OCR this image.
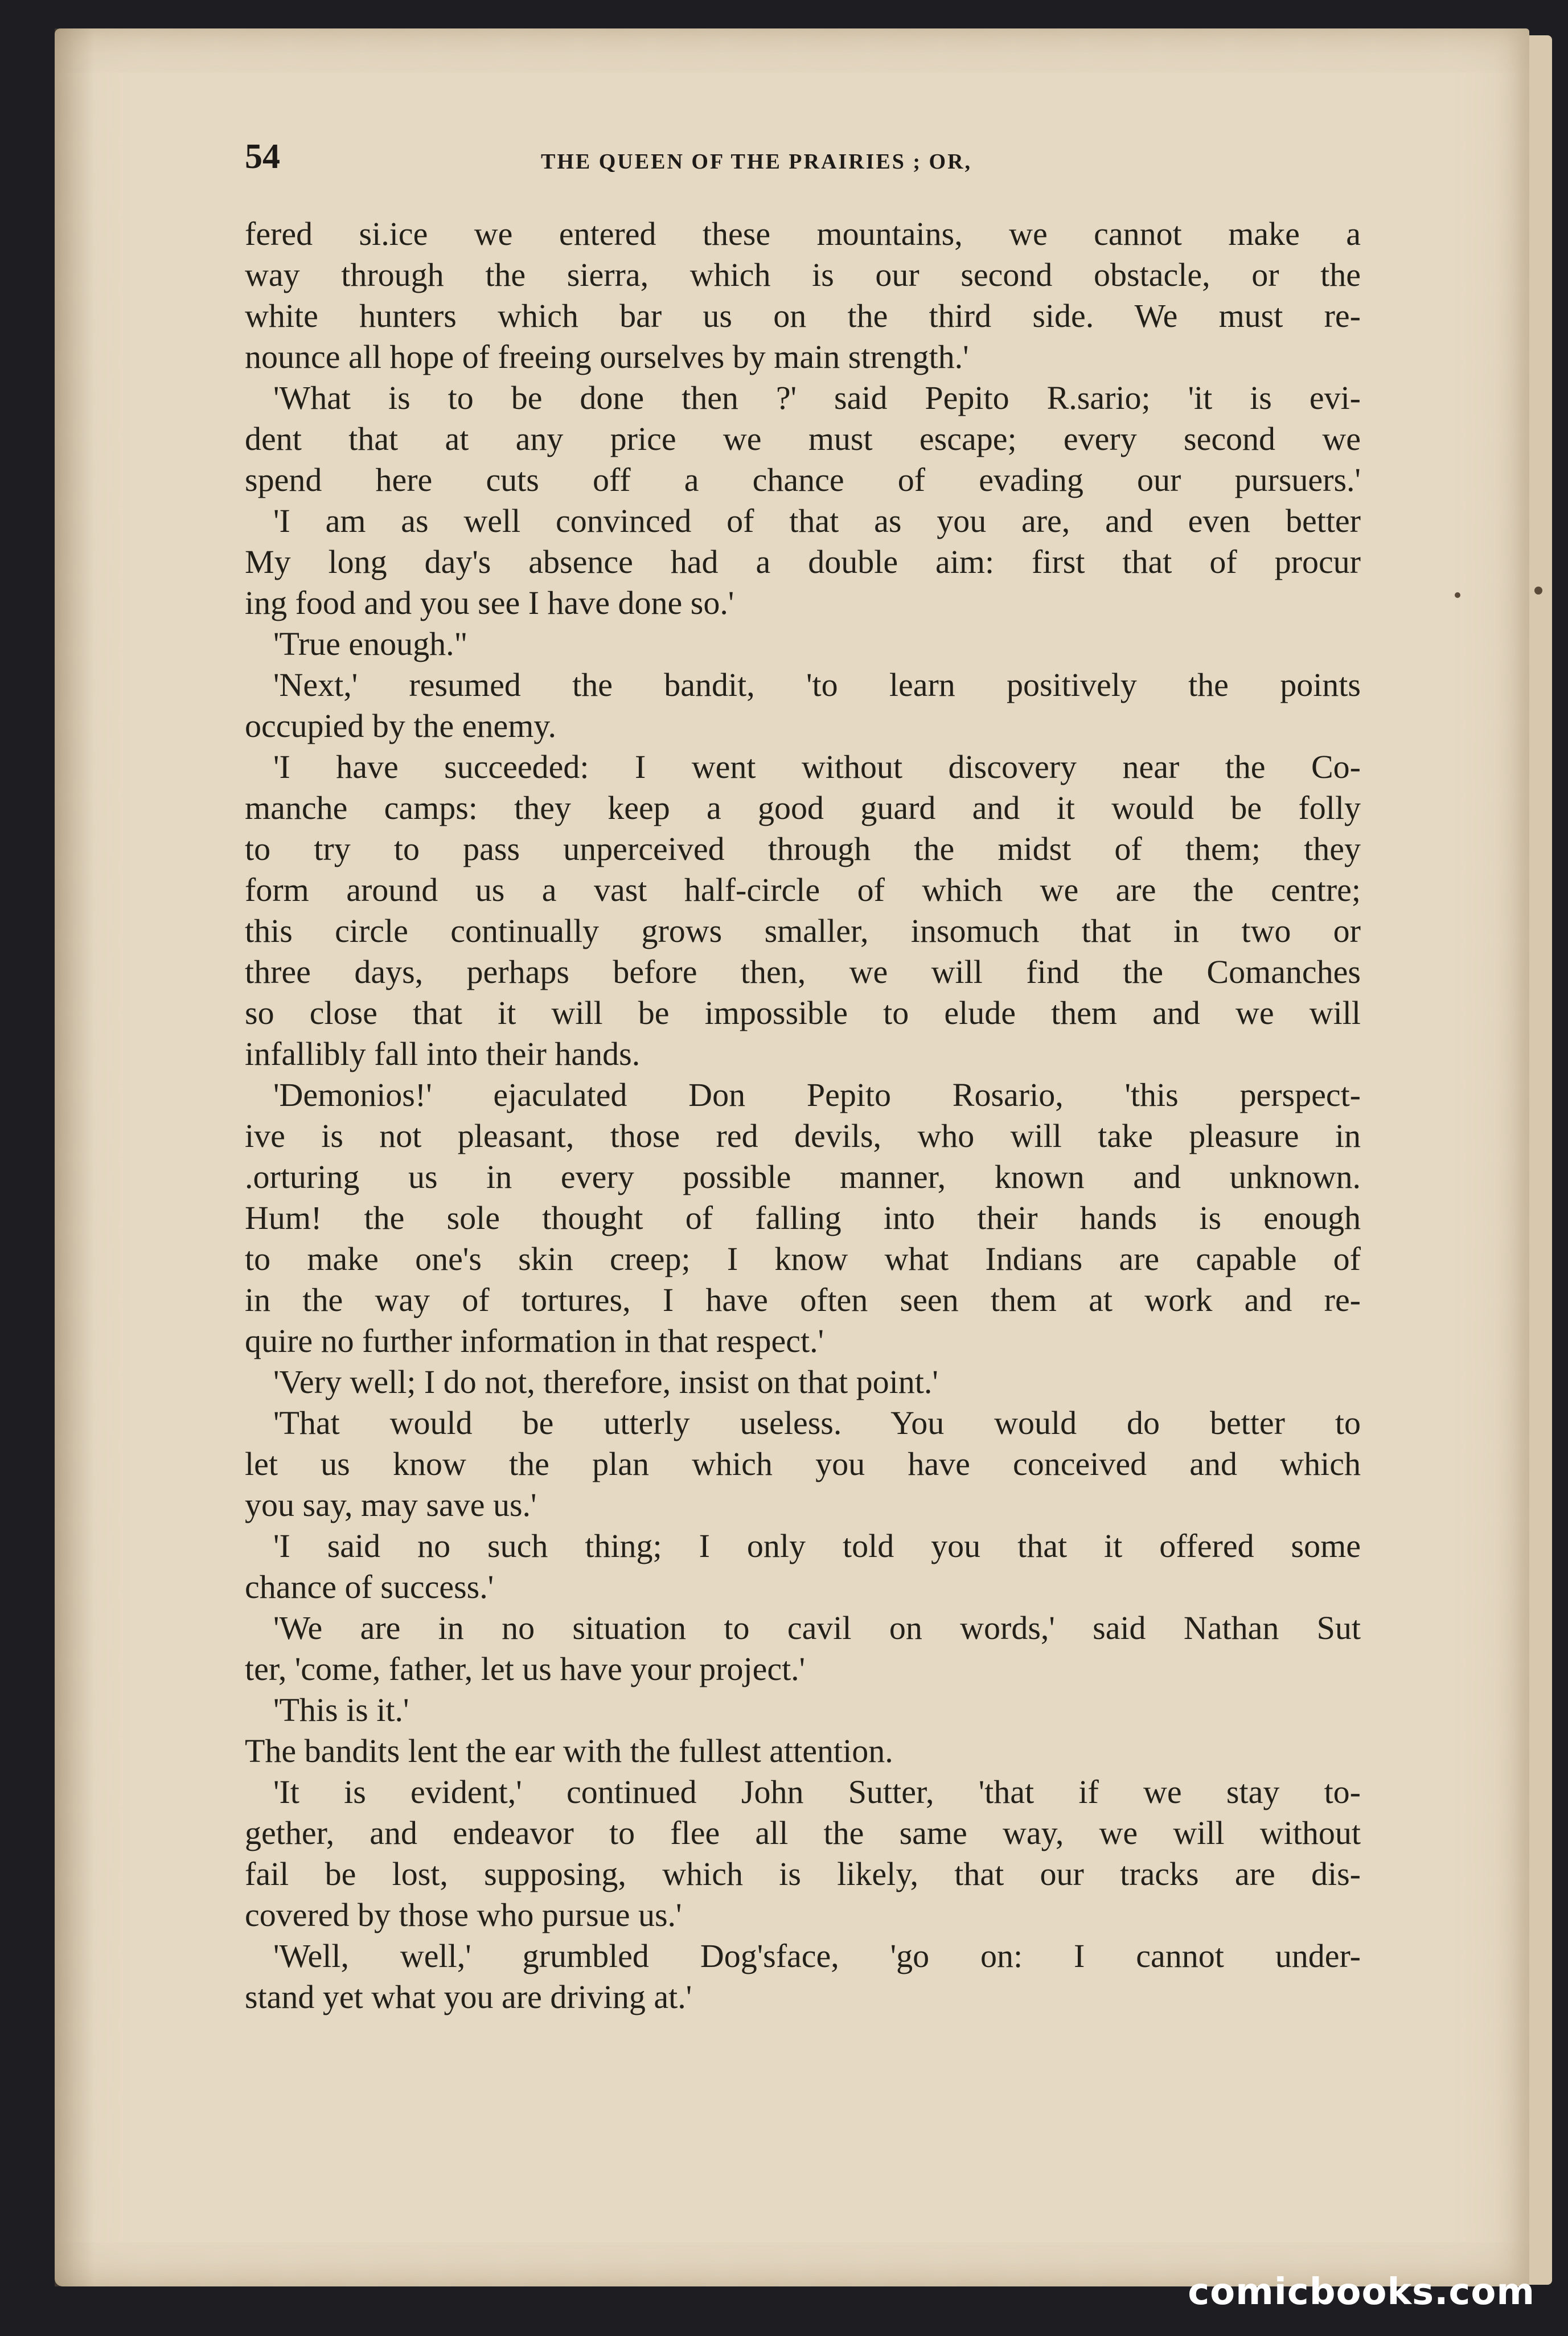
54	THE QUEEN OF THE PRAIRIES ; OR,
fered si.ice we entered these mountains, we cannot make a
way through the sierra, which is our second obstacle, or the
white hunters which bar us on the third side. We must re-
nounce all hope of freeing ourselves by main strength.'
'What is to be done then ?' said Pepito R.sario; 'it is evi-
dent that at any price we must escape; every second we
spend here cuts off a chance of evading our pursuers.'
'I am as well convinced of that as you are, and even better
My long day's absence had a double aim: first that of procur
ing food and you see I have done so.'
'True enough."
'Next,' resumed the bandit, 'to learn positively the points
occupied by the enemy.
'I have succeeded: I went without discovery near the Co-
manche camps: they keep a good guard and it would be folly
to try to pass unperceived through the midst of them; they
form around us a vast half-circle of which we are the centre;
this circle continually grows smaller, insomuch that in two or
three days, perhaps before then, we will find the Comanches
so close that it will be impossible to elude them and we will
infallibly fall into their hands.
'Demonios!' ejaculated Don Pepito Rosario, 'this perspect-
ive is not pleasant, those red devils, who will take pleasure in
.orturing us in every possible manner, known and unknown.
Hum! the sole thought of falling into their hands is enough
to make one's skin creep; I know what Indians are capable of
in the way of tortures, I have often seen them at work and re-
quire no further information in that respect.'
'Very well; I do not, therefore, insist on that point.'
'That would be utterly useless. You would do better to
let us know the plan which you have conceived and which
you say, may save us.'
'I said no such thing; I only told you that it offered some
chance of success.'
'We are in no situation to cavil on words,' said Nathan Sut
ter, 'come, father, let us have your project.'
'This is it.'
The bandits lent the ear with the fullest attention.
'It is evident,' continued John Sutter, 'that if we stay to-
gether, and endeavor to flee all the same way, we will without
fail be lost, supposing, which is likely, that our tracks are dis-
covered by those who pursue us.'
'Well, well,' grumbled Dog'sface, 'go on: I cannot under-
stand yet what you are driving at.'
comicbooks.com
